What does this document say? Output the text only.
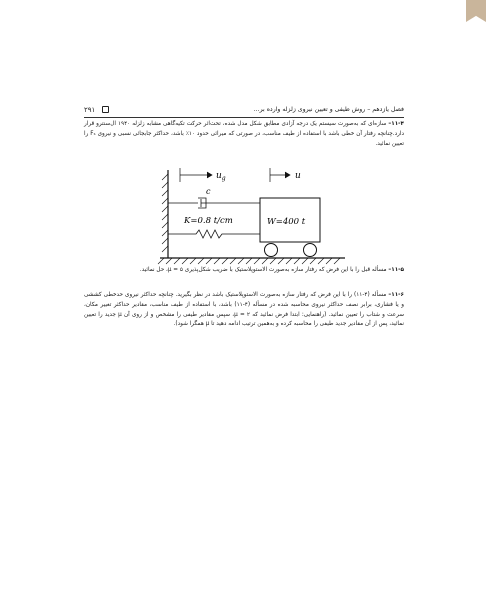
فصل یازدهم – روش طیفی و تعیین نیروی زلزله وارده بر...
۲۹۱

۱۱-۴– سازه‌ای که به‌صورت سیستم یک درجه آزادی مطابق شکل مدل شده، تحت‌اثر حرکت تکیه‌گاهی مشابه زلزله ۱۹۴۰ ال‌سنترو قرار دارد.چنانچه رفتار آن خطی باشد با استفاده از طیف مناسب، در صورتی که میرائی حدود ۱۰٪ باشد، حداکثر جابجائی نسبی و نیروی Fₛ را تعیین نمائید.

$u_g$	u
c
K=0.8 t/cm	W=400 t

۱۱-۵– مسأله قبل را با این فرض که رفتار سازه به‌صورت الاستوپلاستیک با ضریب شکل‌پذیری μ = ۵، حل نمائید.

۱۱-۶– مسأله (۴-۱۱) را با این فرض که رفتار سازه به‌صورت الاستوپلاستیک باشد در نظر بگیرید. چنانچه حداکثر نیروی حدخطی کششی و یا فشاری، برابر نصف حداکثر نیروی محاسبه شده در مسأله (۴-۱۱) باشد، با استفاده از طیف مناسب، مقادیر حداکثر تغییر مکان، سرعت و شتاب را تعیین نمائید. (راهنمایی: ابتدا فرض نمائید که μ = ۲، سپس مقادیر طیفی را مشخص و از روی آن μ جدید را تعیین نمائید، پس از آن مقادیر جدید طیفی را محاسبه کرده و به‌همین ترتیب ادامه دهید تا μ همگرا شود).
